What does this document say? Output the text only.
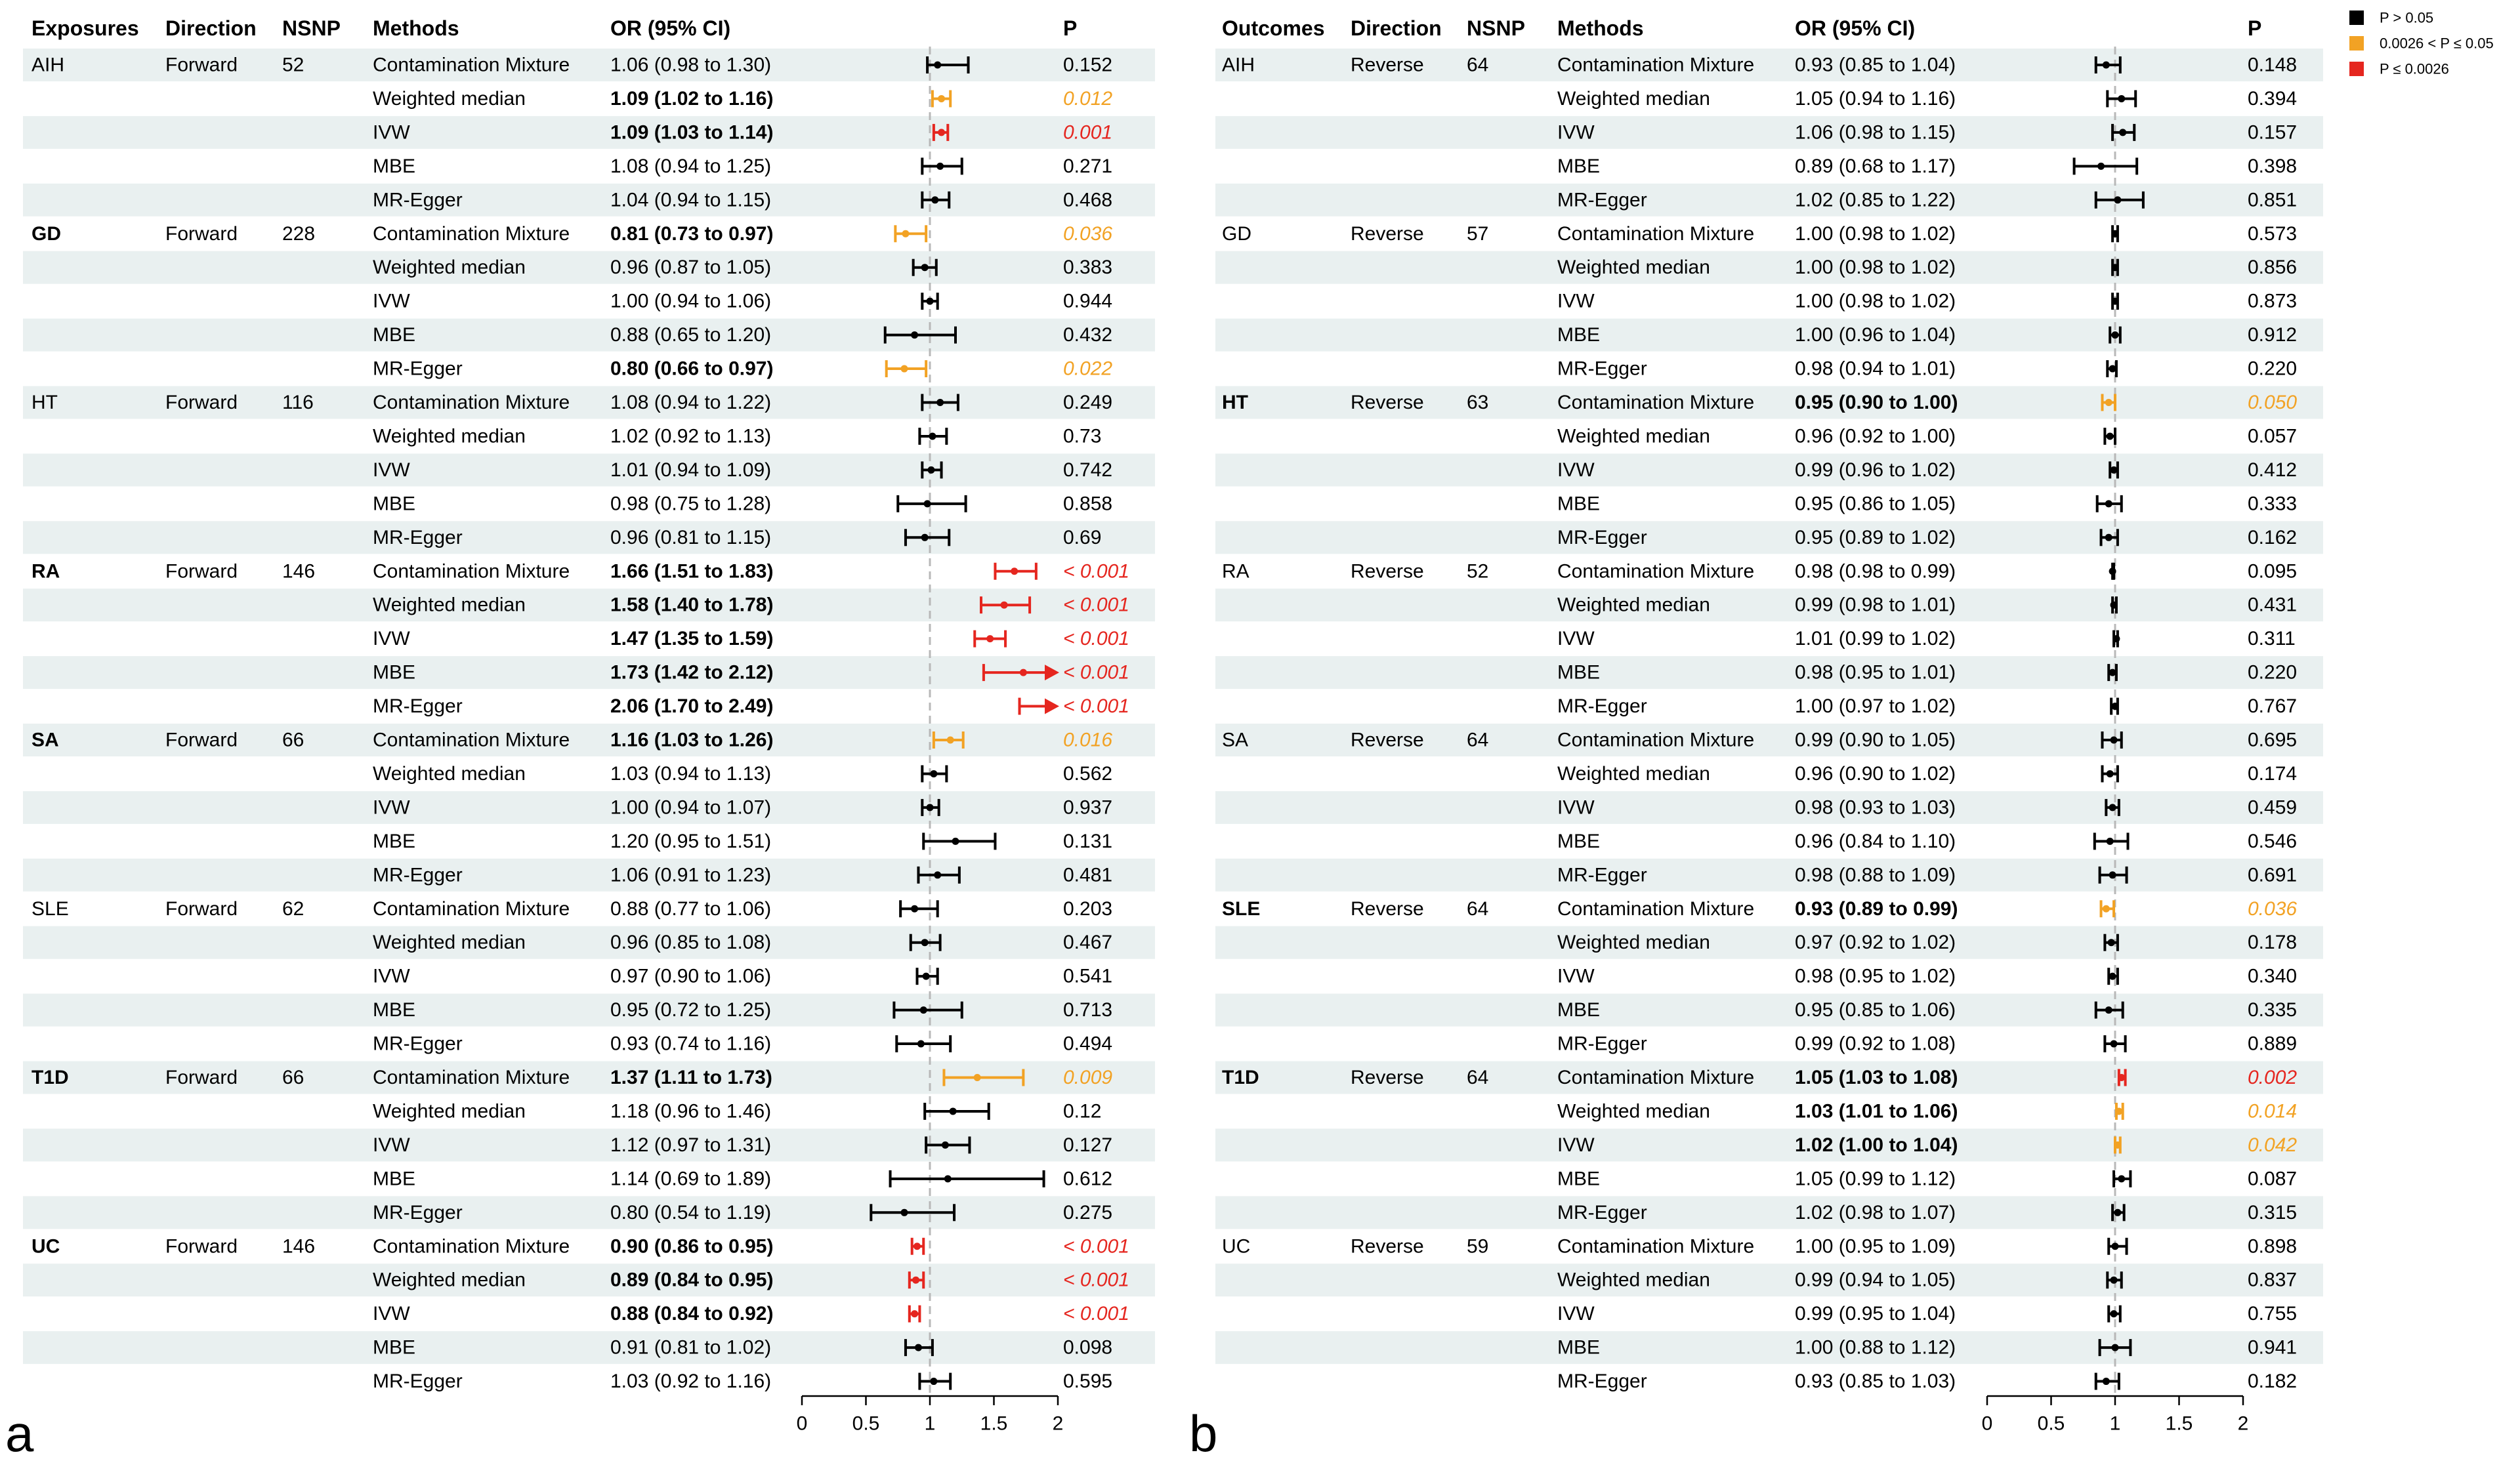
P > 0.05
0.0026 < P ≤ 0.05
P ≤ 0.0026
Exposures Direction NSNP Methods	OR (95% CI)	P
AIH	Forward 52	Contamination Mixture 1.06 (0.98 to 1.30)	0.152
Weighted median	1.09 (1.02 to 1.16)	0.012
IVW	1.09 (1.03 to 1.14)	0.001
MBE	1.08 (0.94 to 1.25)	0.271
MR-Egger	1.04 (0.94 to 1.15)	0.468
GD	Forward 228	Contamination Mixture 0.81 (0.73 to 0.97)	0.036
Weighted median	0.96 (0.87 to 1.05)	0.383
IVW	1.00 (0.94 to 1.06)	0.944
MBE	0.88 (0.65 to 1.20)	0.432
MR-Egger	0.80 (0.66 to 0.97)	0.022
HT	Forward 116	Contamination Mixture 1.08 (0.94 to 1.22)	0.249
Weighted median	1.02 (0.92 to 1.13)	0.73
IVW	1.01 (0.94 to 1.09)	0.742
MBE	0.98 (0.75 to 1.28)	0.858
MR-Egger	0.96 (0.81 to 1.15)	0.69
RA	Forward 146	Contamination Mixture 1.66 (1.51 to 1.83)	< 0.001
Weighted median	1.58 (1.40 to 1.78)	< 0.001
IVW	1.47 (1.35 to 1.59)	< 0.001
MBE	1.73 (1.42 to 2.12)	< 0.001
MR-Egger	2.06 (1.70 to 2.49)	< 0.001
SA	Forward 66	Contamination Mixture 1.16 (1.03 to 1.26)	0.016
Weighted median	1.03 (0.94 to 1.13)	0.562
IVW	1.00 (0.94 to 1.07)	0.937
MBE	1.20 (0.95 to 1.51)	0.131
MR-Egger	1.06 (0.91 to 1.23)	0.481
SLE	Forward 62	Contamination Mixture 0.88 (0.77 to 1.06)	0.203
Weighted median	0.96 (0.85 to 1.08)	0.467
IVW	0.97 (0.90 to 1.06)	0.541
MBE	0.95 (0.72 to 1.25)	0.713
MR-Egger	0.93 (0.74 to 1.16)	0.494
T1D	Forward 66	Contamination Mixture 1.37 (1.11 to 1.73)	0.009
Weighted median	1.18 (0.96 to 1.46)	0.12
IVW	1.12 (0.97 to 1.31)	0.127
MBE	1.14 (0.69 to 1.89)	0.612
MR-Egger	0.80 (0.54 to 1.19)	0.275
UC	Forward 146	Contamination Mixture 0.90 (0.86 to 0.95)	< 0.001
Weighted median	0.89 (0.84 to 0.95)	< 0.001
IVW	0.88 (0.84 to 0.92)	< 0.001
MBE	0.91 (0.81 to 1.02)	0.098
MR-Egger	1.03 (0.92 to 1.16)	0.595
0 0.5 1 1.5 2
a
Outcomes Direction NSNP Methods	OR (95% CI)	P
AIH	Reverse 64	Contamination Mixture 0.93 (0.85 to 1.04)	0.148
Weighted median	1.05 (0.94 to 1.16)	0.394
IVW	1.06 (0.98 to 1.15)	0.157
MBE	0.89 (0.68 to 1.17)	0.398
MR-Egger	1.02 (0.85 to 1.22)	0.851
GD	Reverse 57	Contamination Mixture 1.00 (0.98 to 1.02)	0.573
Weighted median	1.00 (0.98 to 1.02)	0.856
IVW	1.00 (0.98 to 1.02)	0.873
MBE	1.00 (0.96 to 1.04)	0.912
MR-Egger	0.98 (0.94 to 1.01)	0.220
HT	Reverse 63	Contamination Mixture 0.95 (0.90 to 1.00)	0.050
Weighted median	0.96 (0.92 to 1.00)	0.057
IVW	0.99 (0.96 to 1.02)	0.412
MBE	0.95 (0.86 to 1.05)	0.333
MR-Egger	0.95 (0.89 to 1.02)	0.162
RA	Reverse 52	Contamination Mixture 0.98 (0.98 to 0.99)	0.095
Weighted median	0.99 (0.98 to 1.01)	0.431
IVW	1.01 (0.99 to 1.02)	0.311
MBE	0.98 (0.95 to 1.01)	0.220
MR-Egger	1.00 (0.97 to 1.02)	0.767
SA	Reverse 64	Contamination Mixture 0.99 (0.90 to 1.05)	0.695
Weighted median	0.96 (0.90 to 1.02)	0.174
IVW	0.98 (0.93 to 1.03)	0.459
MBE	0.96 (0.84 to 1.10)	0.546
MR-Egger	0.98 (0.88 to 1.09)	0.691
SLE	Reverse 64	Contamination Mixture 0.93 (0.89 to 0.99)	0.036
Weighted median	0.97 (0.92 to 1.02)	0.178
IVW	0.98 (0.95 to 1.02)	0.340
MBE	0.95 (0.85 to 1.06)	0.335
MR-Egger	0.99 (0.92 to 1.08)	0.889
T1D	Reverse 64	Contamination Mixture 1.05 (1.03 to 1.08)	0.002
Weighted median	1.03 (1.01 to 1.06)	0.014
IVW	1.02 (1.00 to 1.04)	0.042
MBE	1.05 (0.99 to 1.12)	0.087
MR-Egger	1.02 (0.98 to 1.07)	0.315
UC	Reverse 59	Contamination Mixture 1.00 (0.95 to 1.09)	0.898
Weighted median	0.99 (0.94 to 1.05)	0.837
IVW	0.99 (0.95 to 1.04)	0.755
MBE	1.00 (0.88 to 1.12)	0.941
MR-Egger	0.93 (0.85 to 1.03)	0.182
0 0.5 1 1.5 2
b
